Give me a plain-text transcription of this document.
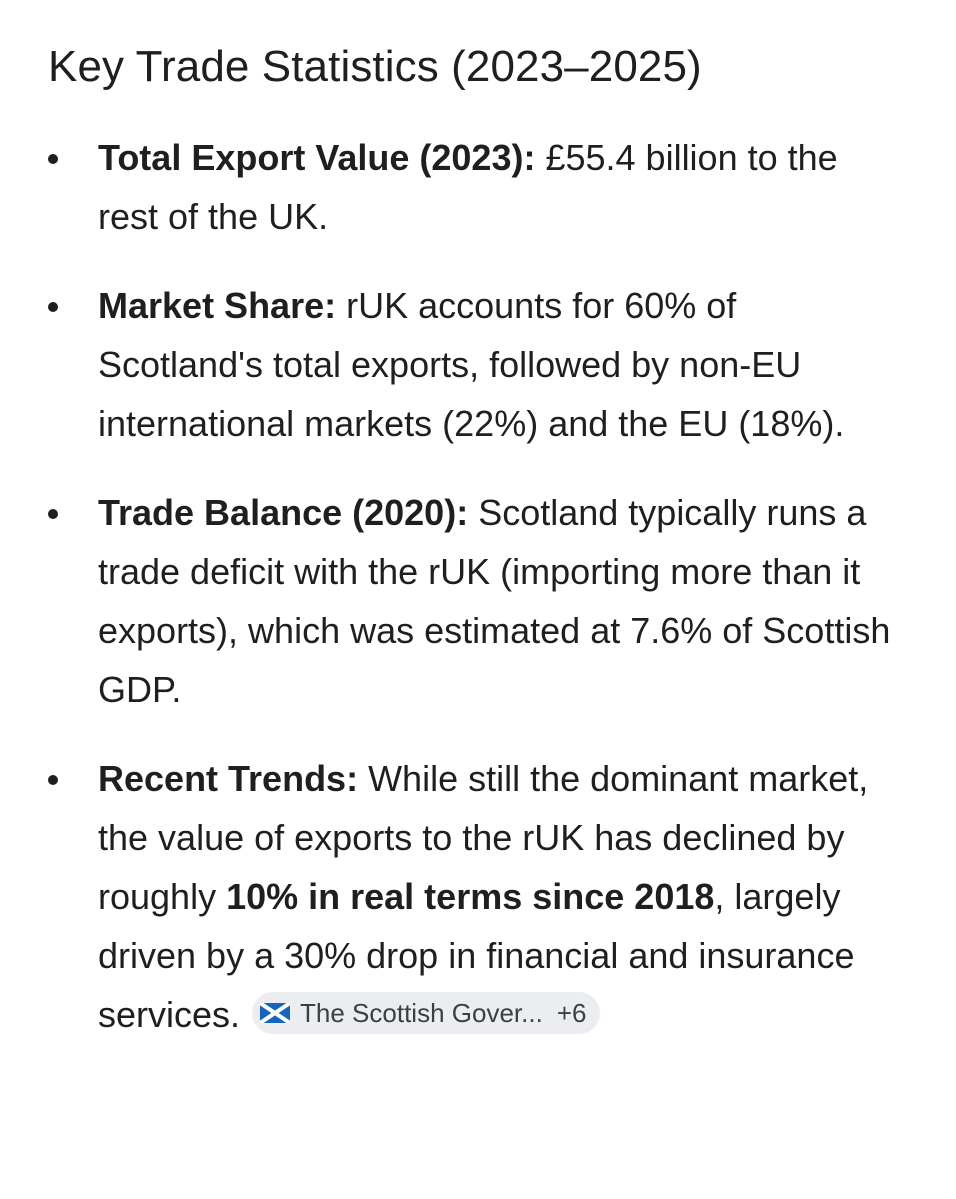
Key Trade Statistics (2023–2025)
Total Export Value (2023): £55.4 billion to the rest of the UK.
Market Share: rUK accounts for 60% of Scotland's total exports, followed by non-EU international markets (22%) and the EU (18%).
Trade Balance (2020): Scotland typically runs a trade deficit with the rUK (importing more than it exports), which was estimated at 7.6% of Scottish GDP.
Recent Trends: While still the dominant market, the value of exports to the rUK has declined by roughly 10% in real terms since 2018, largely driven by a 30% drop in financial and insurance services. The Scottish Gover... +6
